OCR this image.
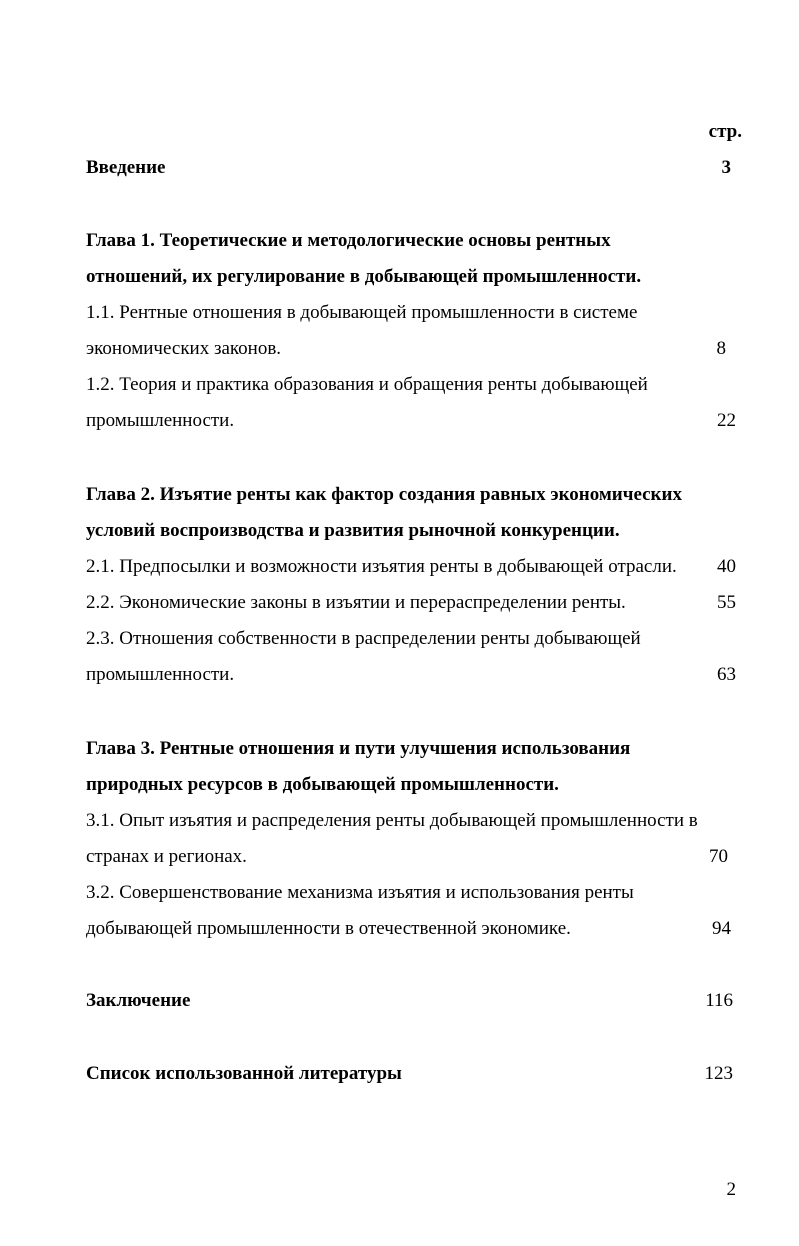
стр.
Введение	3
Глава 1. Теоретические и методологические основы рентных
отношений, их регулирование в добывающей промышленности.
1.1. Рентные отношения в добывающей промышленности в системе
экономических законов.	8
1.2. Теория и практика образования и обращения ренты добывающей
промышленности.	22
Глава 2. Изъятие ренты как фактор создания равных экономических
условий воспроизводства и развития рыночной конкуренции.
2.1. Предпосылки и возможности изъятия ренты в добывающей отрасли. 40
2.2. Экономические законы в изъятии и перераспределении ренты.	55
2.3. Отношения собственности в распределении ренты добывающей
промышленности.	63
Глава 3. Рентные отношения и пути улучшения использования
природных ресурсов в добывающей промышленности.
3.1. Опыт изъятия и распределения ренты добывающей промышленности в
странах и регионах.	70
3.2. Совершенствование механизма изъятия и использования ренты
добывающей промышленности в отечественной экономике.	94
Заключение	116
Список использованной литературы	123
2
